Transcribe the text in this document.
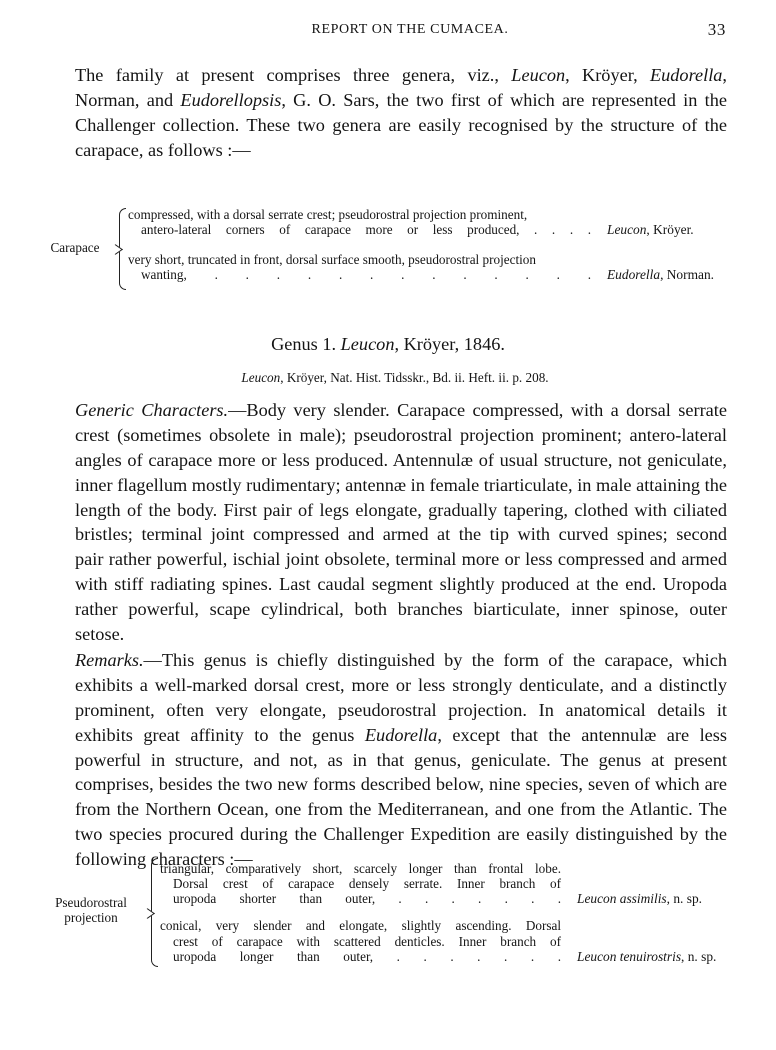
REPORT ON THE CUMACEA.	33
The family at present comprises three genera, viz., Leucon, Kröyer, Eudorella,
Norman, and Eudorellopsis, G. O. Sars, the two first of which are represented in the
Challenger collection. These two genera are easily recognised by the structure of the
carapace, as follows :—
Carapace
compressed, with a dorsal serrate crest; pseudorostral projection prominent,
antero-lateral corners of carapace more or less produced, . . . . Leucon, Kröyer.
very short, truncated in front, dorsal surface smooth, pseudorostral projection
wanting, . . . . . . . . . . . . . Eudorella, Norman.
Genus 1. Leucon, Kröyer, 1846.
Leucon, Kröyer, Nat. Hist. Tidsskr., Bd. ii. Heft. ii. p. 208.
Generic Characters.—Body very slender. Carapace compressed, with a dorsal serrate
crest (sometimes obsolete in male); pseudorostral projection prominent; antero-lateral
angles of carapace more or less produced. Antennulæ of usual structure, not geniculate,
inner flagellum mostly rudimentary; antennæ in female triarticulate, in male attaining the
length of the body. First pair of legs elongate, gradually tapering, clothed with ciliated
bristles; terminal joint compressed and armed at the tip with curved spines; second
pair rather powerful, ischial joint obsolete, terminal more or less compressed and armed
with stiff radiating spines. Last caudal segment slightly produced at the end. Uropoda
rather powerful, scape cylindrical, both branches biarticulate, inner spinose, outer
setose.
Remarks.—This genus is chiefly distinguished by the form of the carapace, which
exhibits a well-marked dorsal crest, more or less strongly denticulate, and a distinctly
prominent, often very elongate, pseudorostral projection. In anatomical details it
exhibits great affinity to the genus Eudorella, except that the antennulæ are less
powerful in structure, and not, as in that genus, geniculate. The genus at present
comprises, besides the two new forms described below, nine species, seven of which are
from the Northern Ocean, one from the Mediterranean, and one from the Atlantic. The
two species procured during the Challenger Expedition are easily distinguished by the
following characters :—
Pseudorostral
projection
triangular, comparatively short, scarcely longer than frontal lobe.
Dorsal crest of carapace densely serrate. Inner branch of
uropoda shorter than outer, . . . . . . . Leucon assimilis, n. sp.
conical, very slender and elongate, slightly ascending. Dorsal
crest of carapace with scattered denticles. Inner branch of
uropoda longer than outer, . . . . . . . Leucon tenuirostris, n. sp.
